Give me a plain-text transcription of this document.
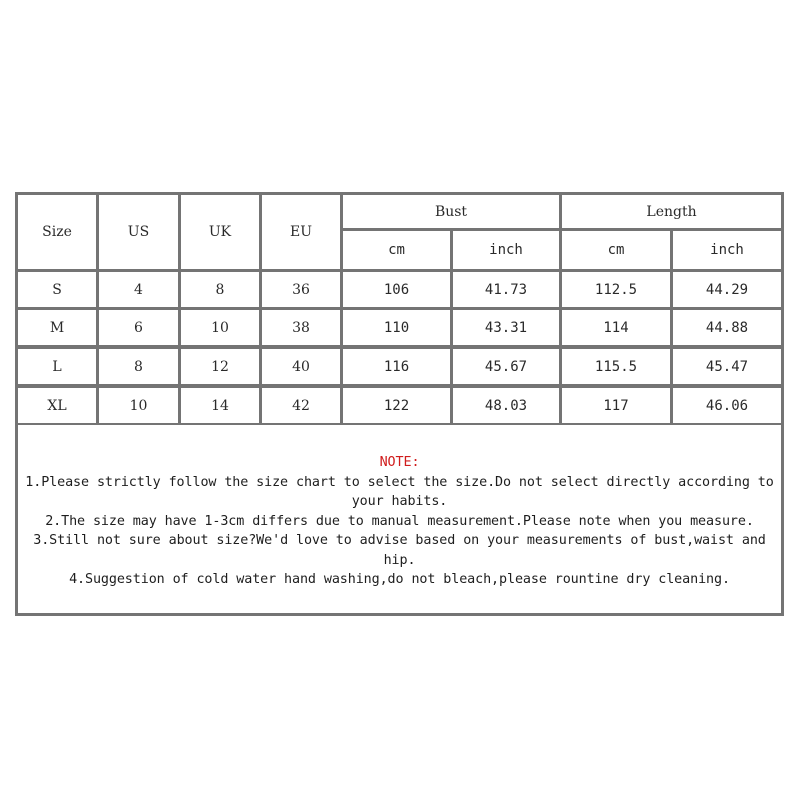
Size	US	UK	EU
Bust	Length
cm	inch	cm	inch
S	4	8	36	106	41.73	112.5	44.29
M	6	10	38	110	43.31	114	44.88
L	8	12	40	116	45.67	115.5	45.47
XL	10	14	42	122	48.03	117	46.06

NOTE:

1.Please strictly follow the size chart to select the size.Do not select directly according to your habits.

2.The size may have 1-3cm differs due to manual measurement.Please note when you measure.

3.Still not sure about size?We'd love to advise based on your measurements of bust,waist and hip.

4.Suggestion of cold water hand washing,do not bleach,please rountine dry cleaning.
